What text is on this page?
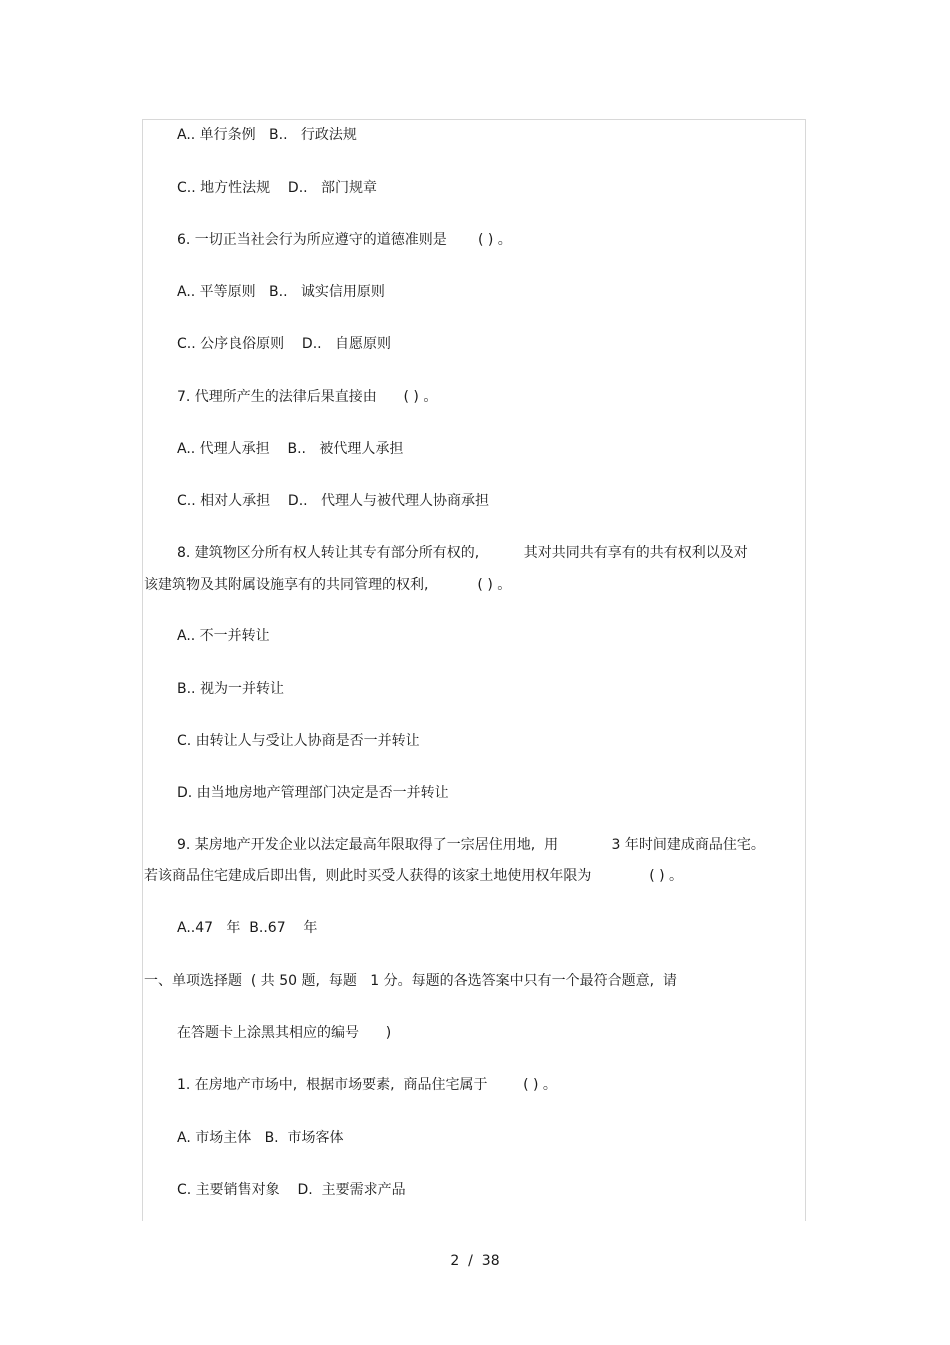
A.. 单行条例   B..   行政法规

C.. 地方性法规    D..   部门规章

6. 一切正当社会行为所应遵守的道德准则是       ( ) 。

A.. 平等原则   B..   诚实信用原则

C.. 公序良俗原则    D..   自愿原则

7. 代理所产生的法律后果直接由      ( ) 。

A.. 代理人承担    B..   被代理人承担

C.. 相对人承担    D..   代理人与被代理人协商承担

8. 建筑物区分所有权人转让其专有部分所有权的,          其对共同共有享有的共有权利以及对

该建筑物及其附属设施享有的共同管理的权利,           ( ) 。

A.. 不一并转让

B.. 视为一并转让

C. 由转让人与受让人协商是否一并转让

D. 由当地房地产管理部门决定是否一并转让

9. 某房地产开发企业以法定最高年限取得了一宗居住用地,  用            3 年时间建成商品住宅。

若该商品住宅建成后即出售,  则此时买受人获得的该家土地使用权年限为             ( ) 。

A..47   年  B..67    年

一、单项选择题  ( 共 50 题,  每题   1 分。每题的各选答案中只有一个最符合题意,  请

在答题卡上涂黑其相应的编号      )

1. 在房地产市场中,  根据市场要素,  商品住宅属于        ( ) 。

A. 市场主体   B.  市场客体

C. 主要销售对象    D.  主要需求产品

2  /  38
